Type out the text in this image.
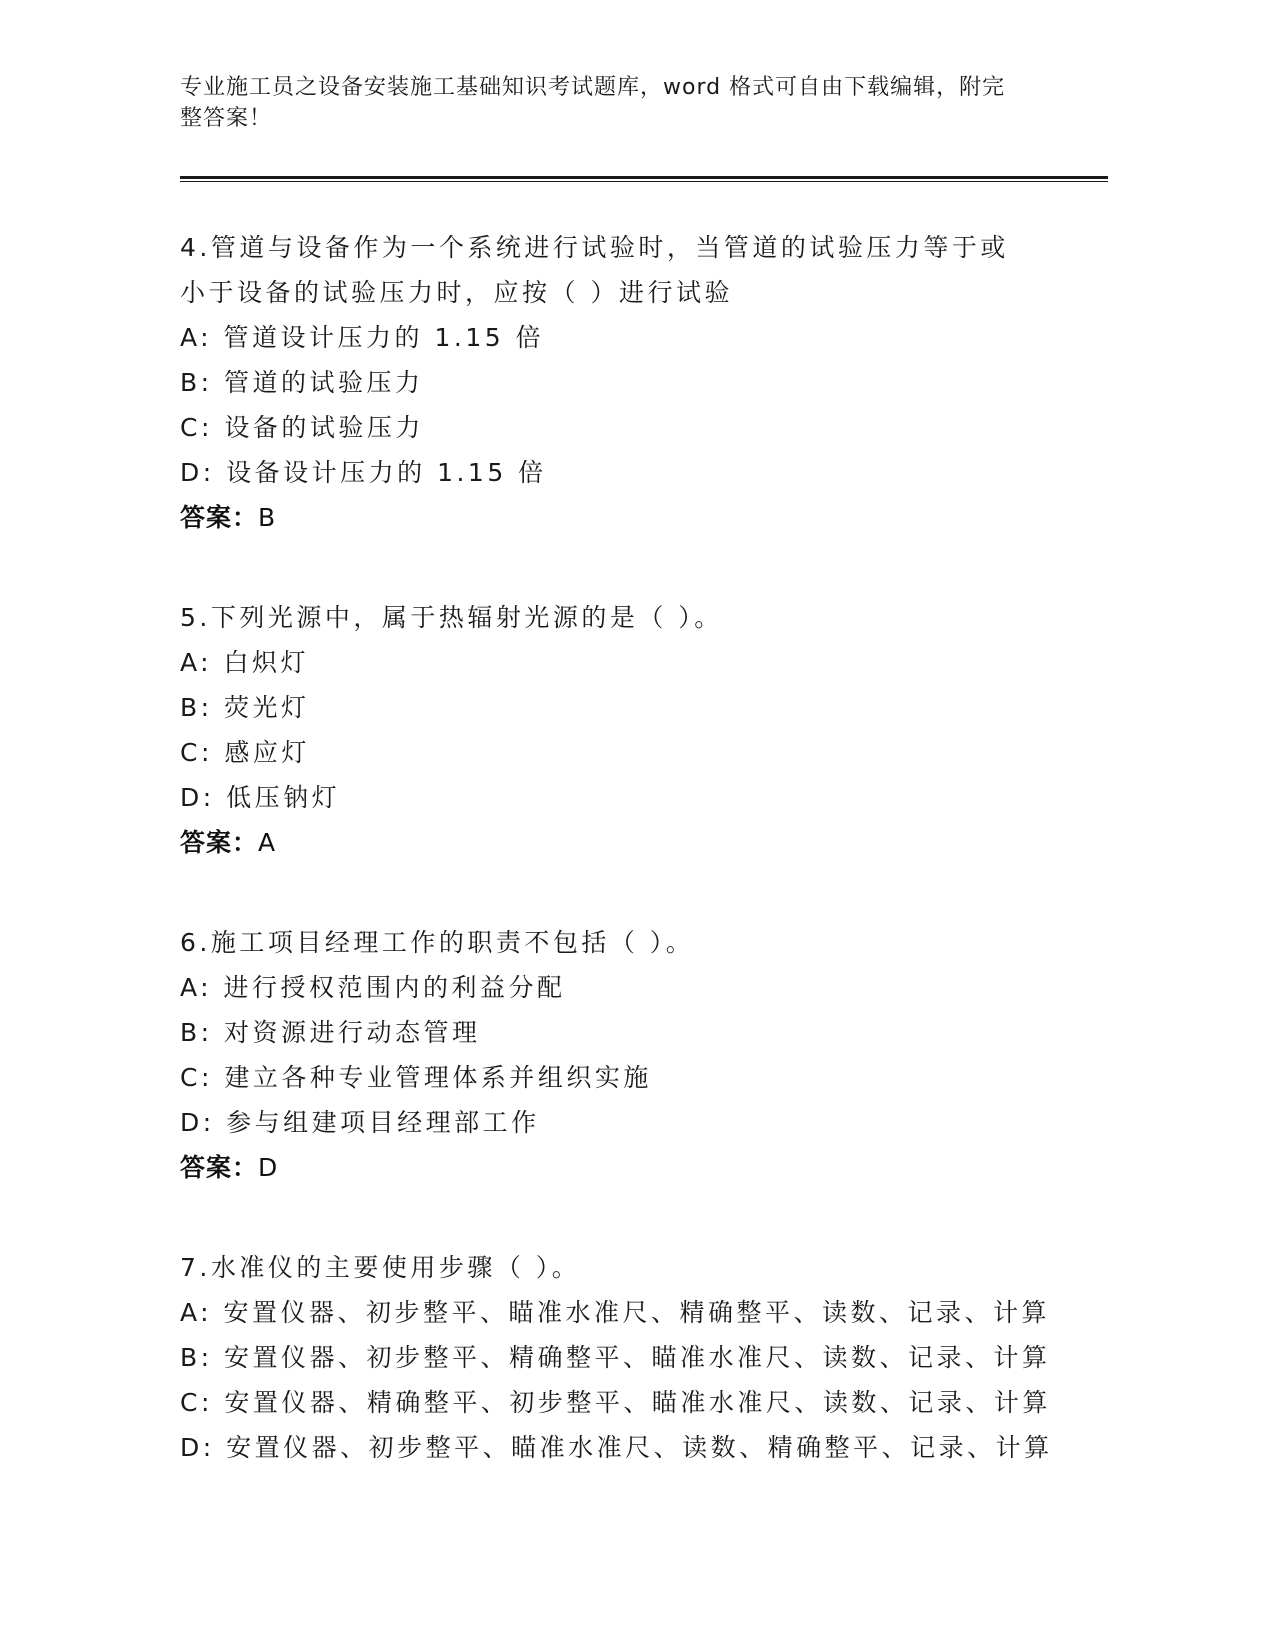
专业施工员之设备安装施工基础知识考试题库，word 格式可自由下载编辑，附完
整答案！
4.管道与设备作为一个系统进行试验时，当管道的试验压力等于或小于设备的试验压力时，应按（ ）进行试验
A: 管道设计压力的 1.15 倍
B: 管道的试验压力
C: 设备的试验压力
D: 设备设计压力的 1.15 倍
答案：B
5.下列光源中，属于热辐射光源的是（ ）。
A: 白炽灯
B: 荧光灯
C: 感应灯
D: 低压钠灯
答案：A
6.施工项目经理工作的职责不包括（ ）。
A: 进行授权范围内的利益分配
B: 对资源进行动态管理
C: 建立各种专业管理体系并组织实施
D: 参与组建项目经理部工作
答案：D
7.水准仪的主要使用步骤（ ）。
A: 安置仪器、初步整平、瞄准水准尺、精确整平、读数、记录、计算
B: 安置仪器、初步整平、精确整平、瞄准水准尺、读数、记录、计算
C: 安置仪器、精确整平、初步整平、瞄准水准尺、读数、记录、计算
D: 安置仪器、初步整平、瞄准水准尺、读数、精确整平、记录、计算
